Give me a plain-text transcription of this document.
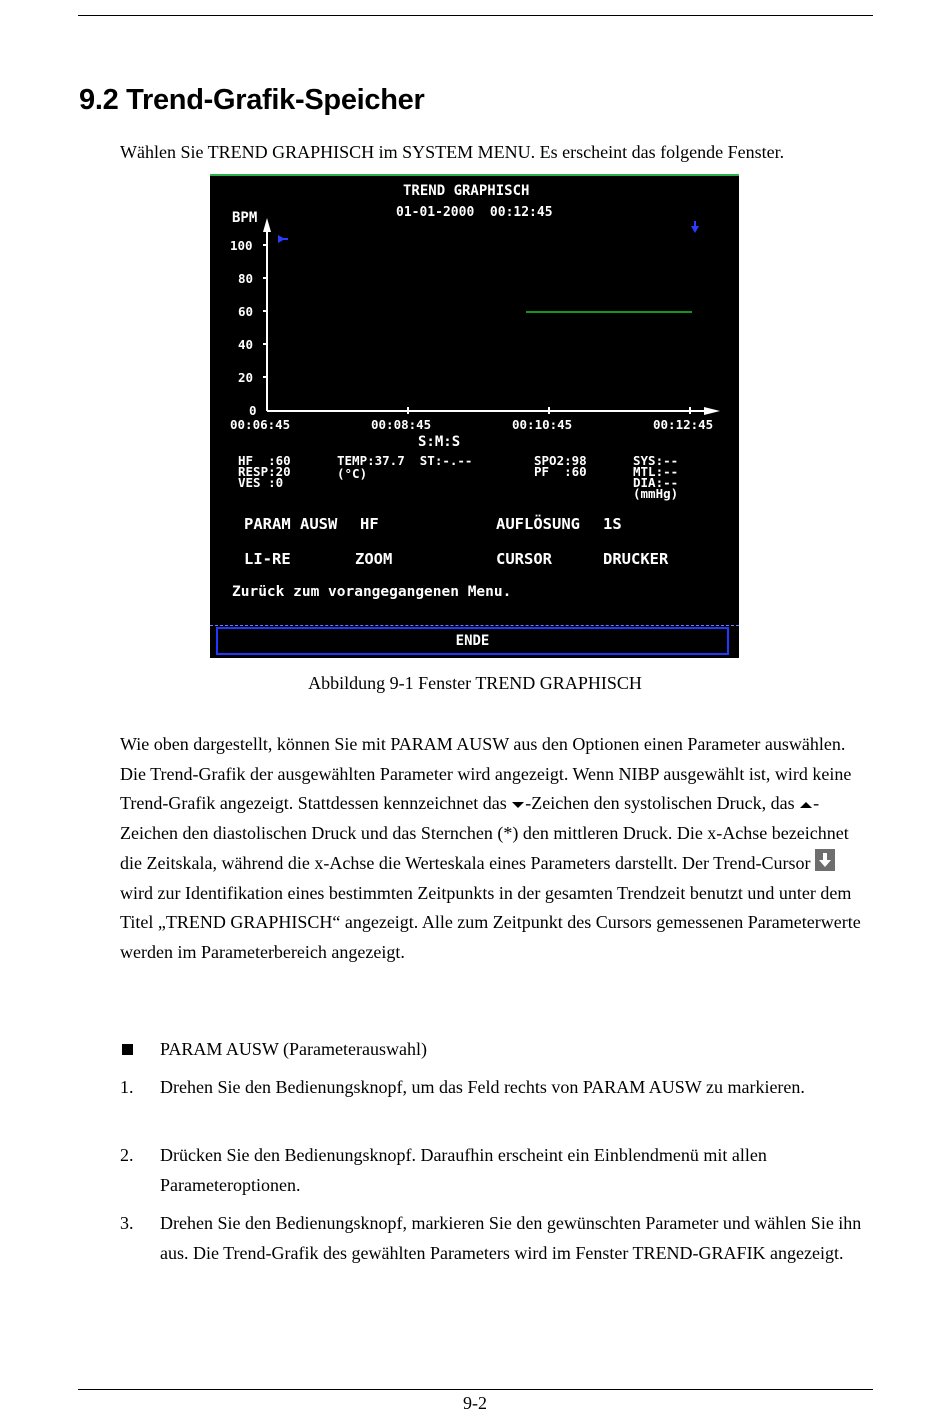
9.2 Trend-Grafik-Speicher

Wählen Sie TREND GRAPHISCH im SYSTEM MENU. Es erscheint das folgende Fenster.

TREND GRAPHISCH
01-01-2000  00:12:45
BPM
100
80
60
40
20
0
00:06:45	00:08:45	00:10:45	00:12:45
S:M:S
HF  :60
RESP:20
VES :0
TEMP:37.7  ST:-.--
(°C)
SPO2:98
PF  :60
SYS:--
MTL:--
DIA:--
(mmHg)
PARAM AUSW HF	AUFLÖSUNG 1S
LI-RE	ZOOM	CURSOR	DRUCKER
Zurück zum vorangegangenen Menu.
ENDE
Abbildung 9-1 Fenster TREND GRAPHISCH

Wie oben dargestellt, können Sie mit PARAM AUSW aus den Optionen einen Parameter auswählen. Die Trend-Grafik der ausgewählten Parameter wird angezeigt. Wenn NIBP ausgewählt ist, wird keine Trend-Grafik angezeigt. Stattdessen kennzeichnet das -Zeichen den systolischen Druck, das -Zeichen den diastolischen Druck und das Sternchen (*) den mittleren Druck. Die x-Achse bezeichnet die Zeitskala, während die x-Achse die Werteskala eines Parameters darstellt. Der Trend-Cursor  wird zur Identifikation eines bestimmten Zeitpunkts in der gesamten Trendzeit benutzt und unter dem Titel „TREND GRAPHISCH“ angezeigt. Alle zum Zeitpunkt des Cursors gemessenen Parameterwerte werden im Parameterbereich angezeigt.

PARAM AUSW (Parameterauswahl)
1. Drehen Sie den Bedienungsknopf, um das Feld rechts von PARAM AUSW zu markieren.
2. Drücken Sie den Bedienungsknopf. Daraufhin erscheint ein Einblendmenü mit allen Parameteroptionen.
3. Drehen Sie den Bedienungsknopf, markieren Sie den gewünschten Parameter und wählen Sie ihn aus. Die Trend-Grafik des gewählten Parameters wird im Fenster TREND-GRAFIK angezeigt.
9-2
